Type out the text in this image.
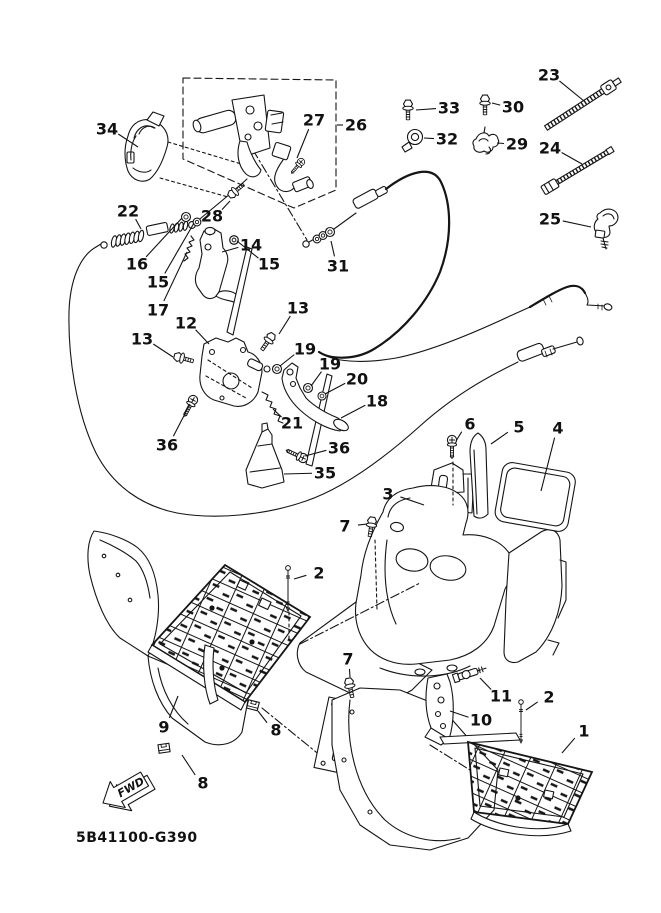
FWD
5B41100-G390
34	26
27
33	30
23
32	29 24
25
22	28
16
15
14
15
17
31
13
12
13
19
19
20
18
21
36	36
35
6 5 4
3
7
2
7
11
10
2
1
9	8
8
